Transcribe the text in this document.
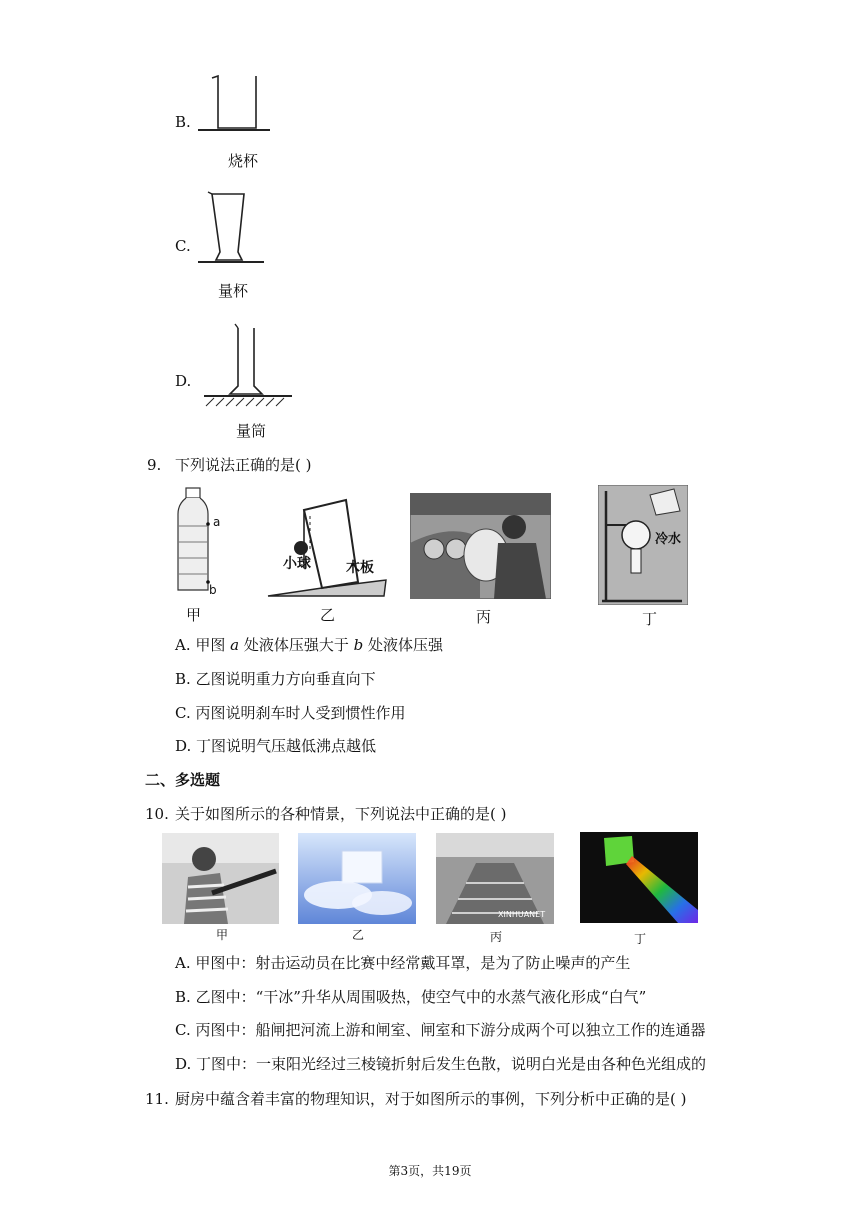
B.
烧杯
C.
量杯
D.
量筒
9. 下列说法正确的是( )
a
b
甲
小球	木板
乙	丙
冷水
丁
A. 甲图 a 处液体压强大于 b 处液体压强
B. 乙图说明重力方向垂直向下
C. 丙图说明刹车时人受到惯性作用
D. 丁图说明气压越低沸点越低
二、多选题
10. 关于如图所示的各种情景，下列说法中正确的是( )
甲	乙
XINHUANET
丙	丁
A. 甲图中：射击运动员在比赛中经常戴耳罩，是为了防止噪声的产生
B. 乙图中：“干冰”升华从周围吸热，使空气中的水蒸气液化形成“白气”
C. 丙图中：船闸把河流上游和闸室、闸室和下游分成两个可以独立工作的连通器
D. 丁图中：一束阳光经过三棱镜折射后发生色散，说明白光是由各种色光组成的
11. 厨房中蕴含着丰富的物理知识，对于如图所示的事例，下列分析中正确的是( )
第3页，共19页
